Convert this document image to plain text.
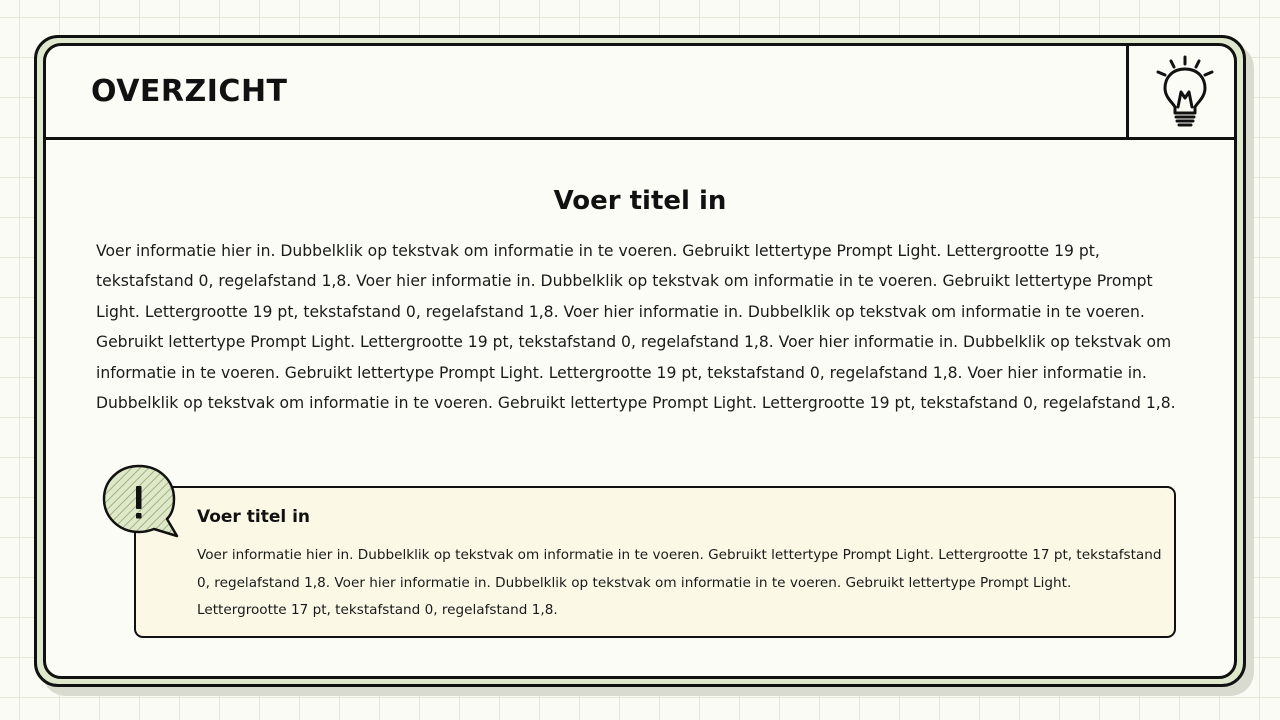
OVERZICHT
Voer titel in

Voer informatie hier in. Dubbelklik op tekstvak om informatie in te voeren. Gebruikt lettertype Prompt Light. Lettergrootte 19 pt, tekstafstand 0, regelafstand 1,8. Voer hier informatie in. Dubbelklik op tekstvak om informatie in te voeren. Gebruikt lettertype Prompt Light. Lettergrootte 19 pt, tekstafstand 0, regelafstand 1,8. Voer hier informatie in. Dubbelklik op tekstvak om informatie in te voeren. Gebruikt lettertype Prompt Light. Lettergrootte 19 pt, tekstafstand 0, regelafstand 1,8. Voer hier informatie in. Dubbelklik op tekstvak om informatie in te voeren. Gebruikt lettertype Prompt Light. Lettergrootte 19 pt, tekstafstand 0, regelafstand 1,8. Voer hier informatie in. Dubbelklik op tekstvak om informatie in te voeren. Gebruikt lettertype Prompt Light. Lettergrootte 19 pt, tekstafstand 0, regelafstand 1,8.

Voer titel in

Voer informatie hier in. Dubbelklik op tekstvak om informatie in te voeren. Gebruikt lettertype Prompt Light. Lettergrootte 17 pt, tekstafstand 0, regelafstand 1,8. Voer hier informatie in. Dubbelklik op tekstvak om informatie in te voeren. Gebruikt lettertype Prompt Light. Lettergrootte 17 pt, tekstafstand 0, regelafstand 1,8.
